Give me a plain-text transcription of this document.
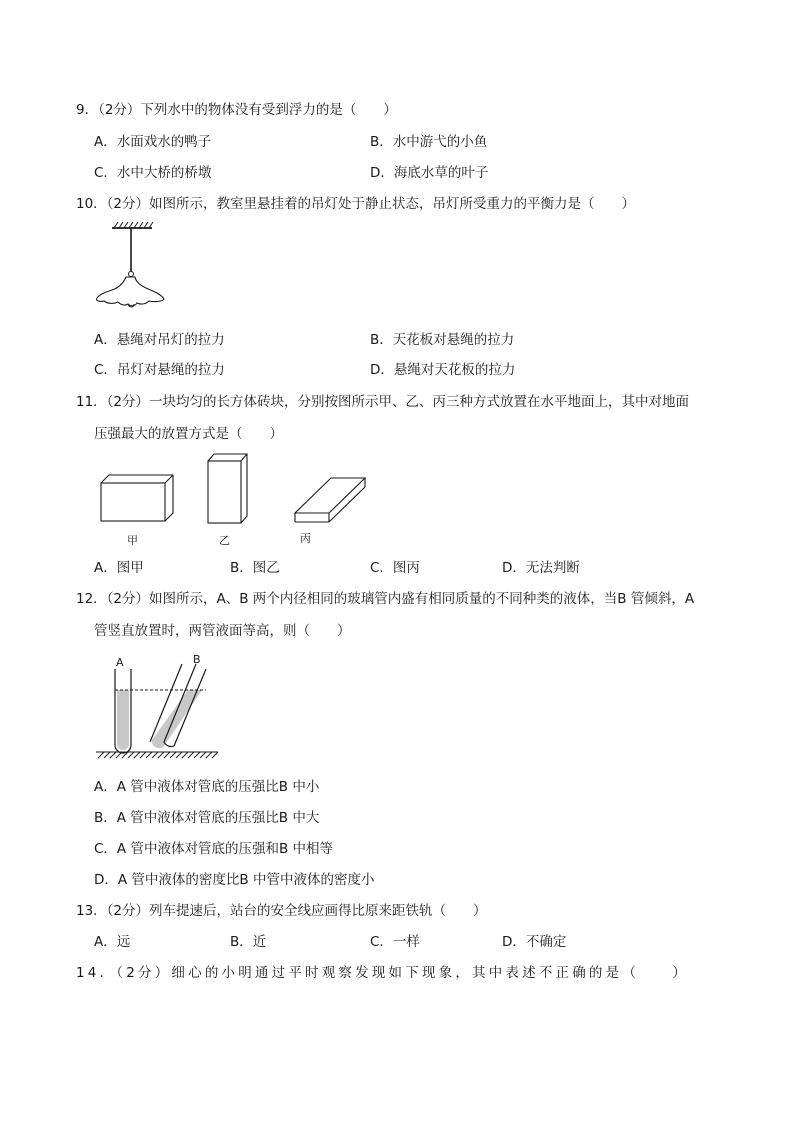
9．（2分）下列水中的物体没有受到浮力的是（　　）
A．水面戏水的鸭子	B．水中游弋的小鱼
C．水中大桥的桥墩	D．海底水草的叶子
10．（2分）如图所示，教室里悬挂着的吊灯处于静止状态，吊灯所受重力的平衡力是（　　）
A．悬绳对吊灯的拉力	B．天花板对悬绳的拉力
C．吊灯对悬绳的拉力	D．悬绳对天花板的拉力
11．（2分）一块均匀的长方体砖块，分别按图所示甲、乙、丙三种方式放置在水平地面上，其中对地面
压强最大的放置方式是（　　）
甲	乙	丙
A．图甲	B．图乙	C．图丙	D．无法判断
12．（2分）如图所示，A、B 两个内径相同的玻璃管内盛有相同质量的不同种类的液体，当B 管倾斜，A
管竖直放置时，两管液面等高，则（　　）
A	B
A．A 管中液体对管底的压强比B 中小
B．A 管中液体对管底的压强比B 中大
C．A 管中液体对管底的压强和B 中相等
D．A 管中液体的密度比B 中管中液体的密度小
13．（2分）列车提速后，站台的安全线应画得比原来距铁轨（　　）
A．远	B．近	C．一样	D．不确定
14．（2分）细心的小明通过平时观察发现如下现象，其中表述不正确的是（　　）
